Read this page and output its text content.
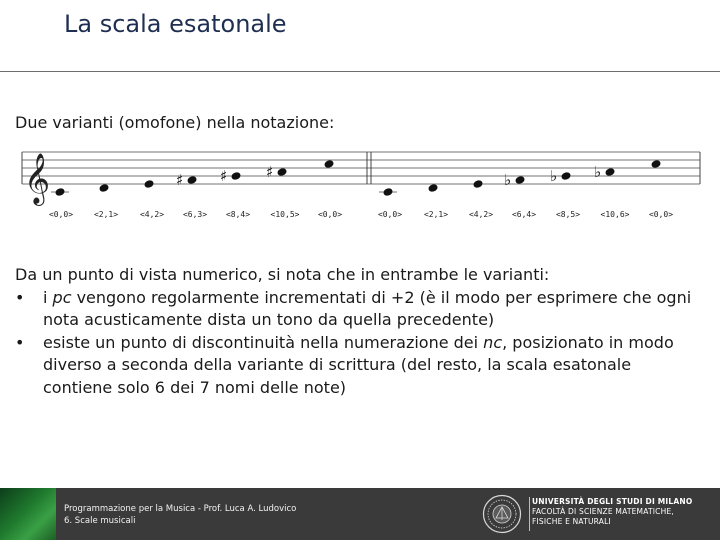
La scala esatonale
Due varianti (omofone) nella notazione:
𝄞
<0,0>	<2,1>	<4,2>
♯
<6,3>
♯
<8,4>
♯
<10,5> <0,0>	<0,0>	<2,1>	<4,2>
♭
<6,4>
♭
<8,5>
♭
<10,6> <0,0>

Da un punto di vista numerico, si nota che in entrambe le varianti:

•	i pc vengono regolarmente incrementati di +2 (è il modo per esprimere che ogni nota acusticamente dista un tono da quella precedente)

•	esiste un punto di discontinuità nella numerazione dei nc, posizionato in modo diverso a seconda della variante di scrittura (del resto, la scala esatonale contiene solo 6 dei 7 nomi delle note)

Programmazione per la Musica - Prof. Luca A. Ludovico
6. Scale musicali
UNIVERSITÀ DEGLI STUDI DI MILANO
FACOLTÀ DI SCIENZE MATEMATICHE,
FISICHE E NATURALI
